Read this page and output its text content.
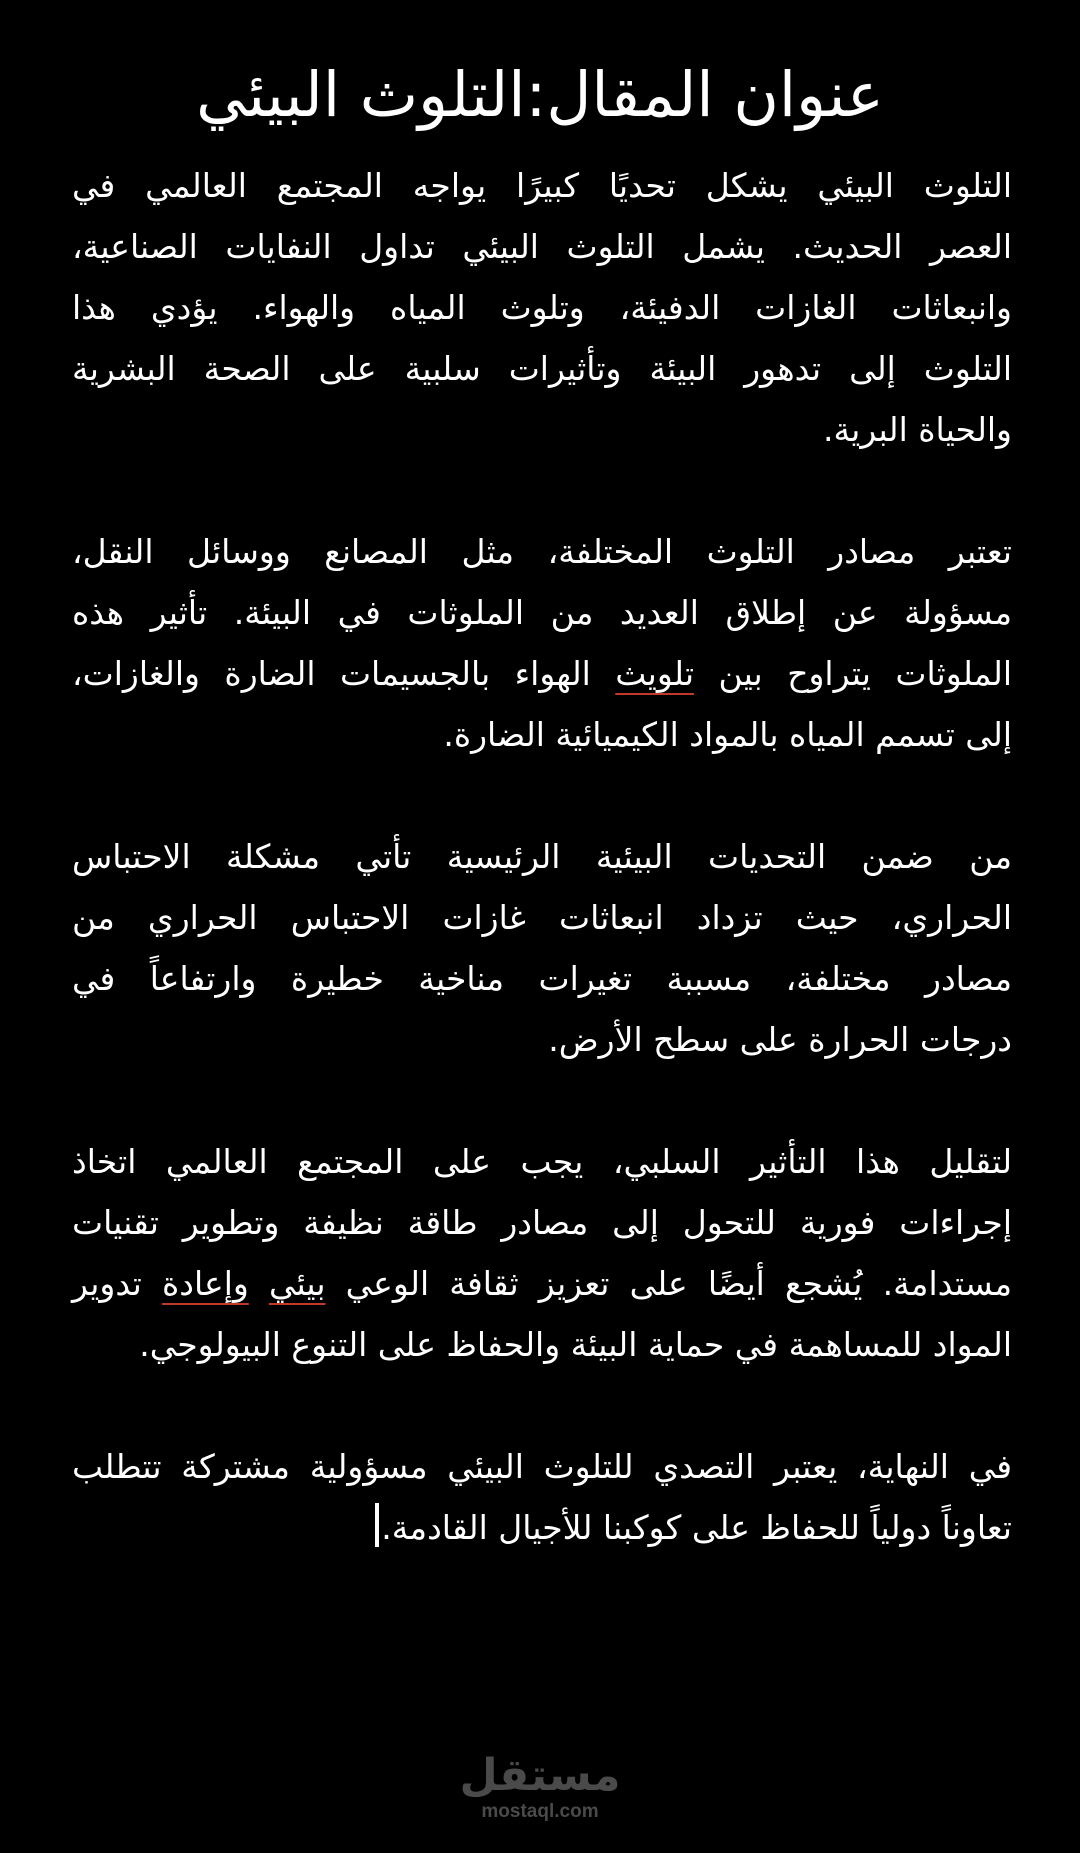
عنوان المقال:التلوث البيئي

التلوث البيئي يشكل تحديًا كبيرًا يواجه المجتمع العالمي في
العصر الحديث. يشمل التلوث البيئي تداول النفايات الصناعية،
وانبعاثات الغازات الدفيئة، وتلوث المياه والهواء. يؤدي هذا
التلوث إلى تدهور البيئة وتأثيرات سلبية على الصحة البشرية
والحياة البرية.

تعتبر مصادر التلوث المختلفة، مثل المصانع ووسائل النقل،
مسؤولة عن إطلاق العديد من الملوثات في البيئة. تأثير هذه
الملوثات يتراوح بين تلويث الهواء بالجسيمات الضارة والغازات،
إلى تسمم المياه بالمواد الكيميائية الضارة.

من ضمن التحديات البيئية الرئيسية تأتي مشكلة الاحتباس
الحراري، حيث تزداد انبعاثات غازات الاحتباس الحراري من
مصادر مختلفة، مسببة تغيرات مناخية خطيرة وارتفاعاً في
درجات الحرارة على سطح الأرض.

لتقليل هذا التأثير السلبي، يجب على المجتمع العالمي اتخاذ
إجراءات فورية للتحول إلى مصادر طاقة نظيفة وتطوير تقنيات
مستدامة. يُشجع أيضًا على تعزيز ثقافة الوعي بيئي وإعادة تدوير
المواد للمساهمة في حماية البيئة والحفاظ على التنوع البيولوجي.

في النهاية، يعتبر التصدي للتلوث البيئي مسؤولية مشتركة تتطلب
تعاوناً دولياً للحفاظ على كوكبنا للأجيال القادمة.

مستقل
mostaql.com
